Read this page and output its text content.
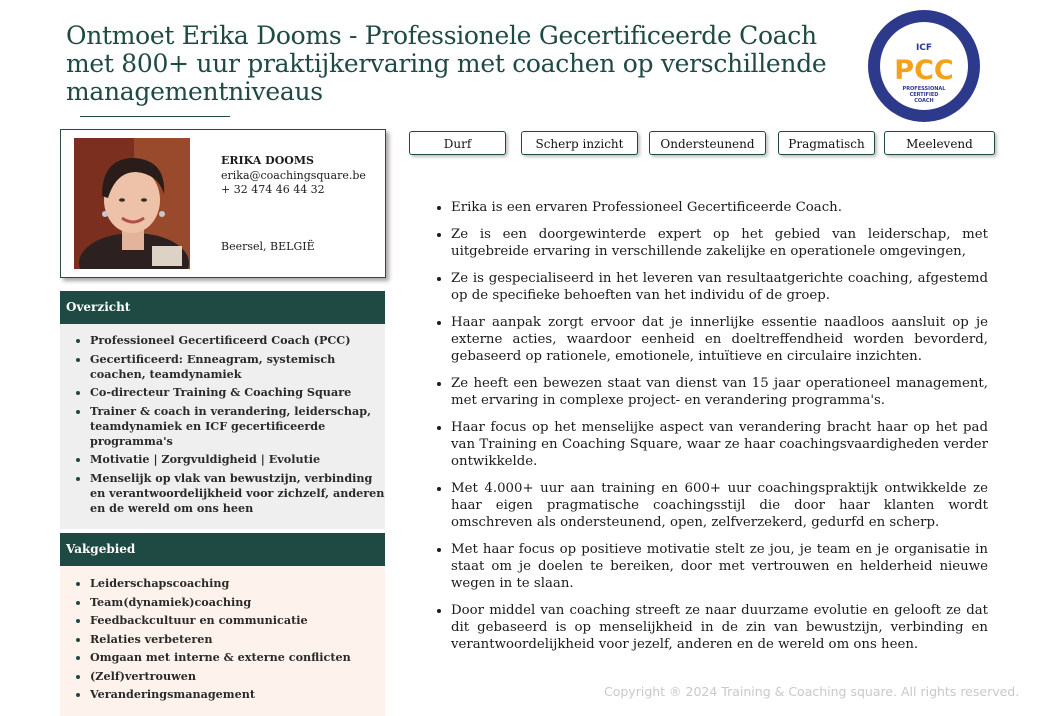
Ontmoet Erika Dooms - Professionele Gecertificeerde Coach met 800+ uur praktijkervaring met coachen op verschillende managementniveaus
ICF Credentials and Standards
ICF
PCC
PROFESSIONAL
CERTIFIED
COACH
ERIKA DOOMS
erika@coachingsquare.be
+ 32 474 46 44 32
Beersel, BELGIË
Durf	Scherp inzicht	Ondersteunend	Pragmatisch	Meelevend
Overzicht
• Professioneel Gecertificeerd Coach (PCC)
• Gecertificeerd: Enneagram, systemisch coachen, teamdynamiek
• Co-directeur Training & Coaching Square
• Trainer & coach in verandering, leiderschap, teamdynamiek en ICF gecertificeerde programma's
• Motivatie | Zorgvuldigheid | Evolutie
• Menselijk op vlak van bewustzijn, verbinding en verantwoordelijkheid voor zichzelf, anderen en de wereld om ons heen
Vakgebied
• Leiderschapscoaching
• Team(dynamiek)coaching
• Feedbackcultuur en communicatie
• Relaties verbeteren
• Omgaan met interne & externe conflicten
• (Zelf)vertrouwen
• Veranderingsmanagement
• Erika is een ervaren Professioneel Gecertificeerde Coach.
• Ze is een doorgewinterde expert op het gebied van leiderschap, met uitgebreide ervaring in verschillende zakelijke en operationele omgevingen,
• Ze is gespecialiseerd in het leveren van resultaatgerichte coaching, afgestemd op de specifieke behoeften van het individu of de groep.
• Haar aanpak zorgt ervoor dat je innerlijke essentie naadloos aansluit op je externe acties, waardoor eenheid en doeltreffendheid worden bevorderd, gebaseerd op rationele, emotionele, intuïtieve en circulaire inzichten.
• Ze heeft een bewezen staat van dienst van 15 jaar operationeel management, met ervaring in complexe project- en verandering programma's.
• Haar focus op het menselijke aspect van verandering bracht haar op het pad van Training en Coaching Square, waar ze haar coachingsvaardigheden verder ontwikkelde.
• Met 4.000+ uur aan training en 600+ uur coachingspraktijk ontwikkelde ze haar eigen pragmatische coachingsstijl die door haar klanten wordt omschreven als ondersteunend, open, zelfverzekerd, gedurfd en scherp.
• Met haar focus op positieve motivatie stelt ze jou, je team en je organisatie in staat om je doelen te bereiken, door met vertrouwen en helderheid nieuwe wegen in te slaan.
• Door middel van coaching streeft ze naar duurzame evolutie en gelooft ze dat dit gebaseerd is op menselijkheid in de zin van bewustzijn, verbinding en verantwoordelijkheid voor jezelf, anderen en de wereld om ons heen.
Copyright ® 2024 Training & Coaching square. All rights reserved.
